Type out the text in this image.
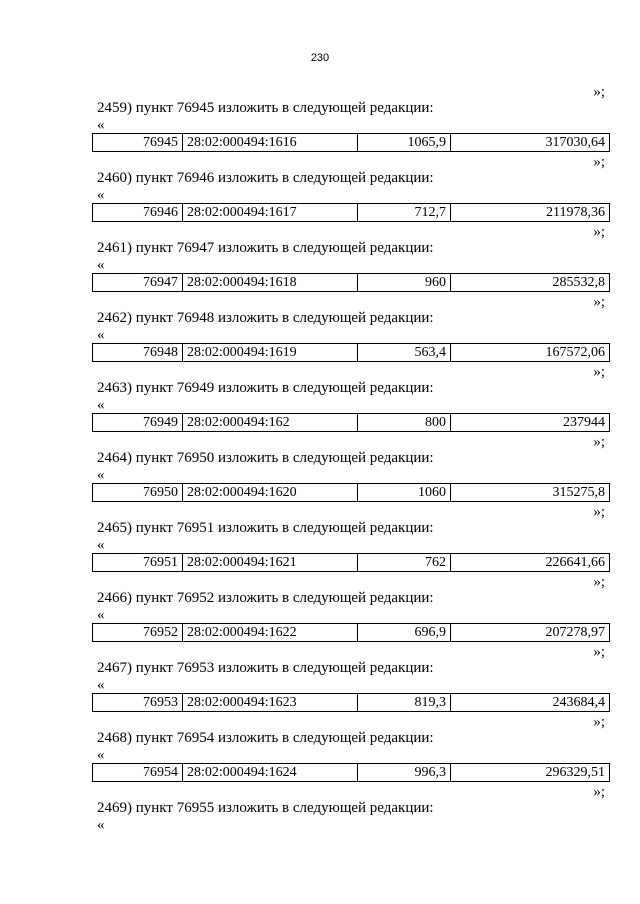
230
»;
2459) пункт 76945 изложить в следующей редакции:
«
76945	28:02:000494:1616	1065,9	317030,64
»;
2460) пункт 76946 изложить в следующей редакции:
«
76946	28:02:000494:1617	712,7	211978,36
»;
2461) пункт 76947 изложить в следующей редакции:
«
76947	28:02:000494:1618	960	285532,8
»;
2462) пункт 76948 изложить в следующей редакции:
«
76948	28:02:000494:1619	563,4	167572,06
»;
2463) пункт 76949 изложить в следующей редакции:
«
76949	28:02:000494:162	800	237944
»;
2464) пункт 76950 изложить в следующей редакции:
«
76950	28:02:000494:1620	1060	315275,8
»;
2465) пункт 76951 изложить в следующей редакции:
«
76951	28:02:000494:1621	762	226641,66
»;
2466) пункт 76952 изложить в следующей редакции:
«
76952	28:02:000494:1622	696,9	207278,97
»;
2467) пункт 76953 изложить в следующей редакции:
«
76953	28:02:000494:1623	819,3	243684,4
»;
2468) пункт 76954 изложить в следующей редакции:
«
76954	28:02:000494:1624	996,3	296329,51
»;
2469) пункт 76955 изложить в следующей редакции:
«
